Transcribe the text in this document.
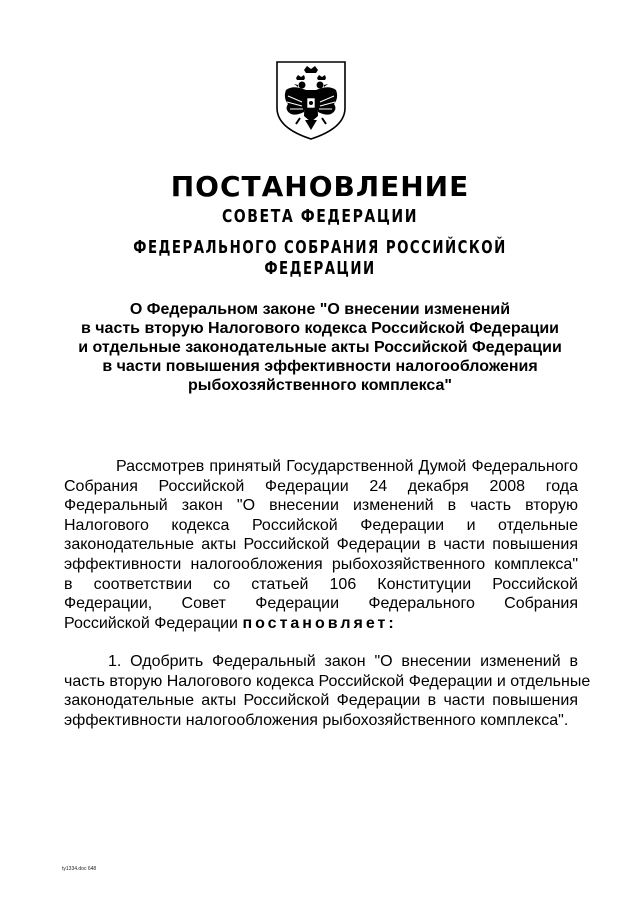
ПОСТАНОВЛЕНИЕ
СОВЕТА ФЕДЕРАЦИИ
ФЕДЕРАЛЬНОГО СОБРАНИЯ РОССИЙСКОЙ ФЕДЕРАЦИИ
О Федеральном законе "О внесении изменений
в часть вторую Налогового кодекса Российской Федерации
и отдельные законодательные акты Российской Федерации
в части повышения эффективности налогообложения
рыбохозяйственного комплекса"
Рассмотрев принятый Государственной Думой Федерального
Собрания Российской Федерации 24 декабря 2008 года
Федеральный закон "О внесении изменений в часть вторую
Налогового кодекса Российской Федерации и отдельные
законодательные акты Российской Федерации в части повышения
эффективности налогообложения рыбохозяйственного комплекса"
в соответствии со статьей 106 Конституции Российской
Федерации, Совет Федерации Федерального Собрания
Российской Федерации постановляет:
1. Одобрить Федеральный закон "О внесении изменений в
часть вторую Налогового кодекса Российской Федерации и отдельные
законодательные акты Российской Федерации в части повышения
эффективности налогообложения рыбохозяйственного комплекса".
ty1334.doc 648
